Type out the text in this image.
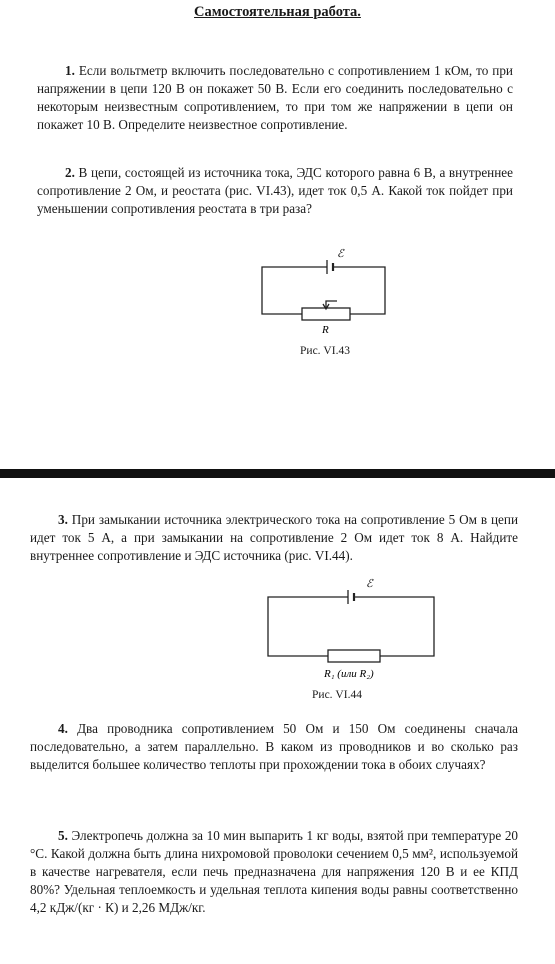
Самостоятельная работа.

1. Если вольтметр включить последовательно с сопротивлением 1 кОм, то при напряжении в цепи 120 В он покажет 50 В. Если его соединить последовательно с некоторым неизвестным сопротивлением, то при том же напряжении в цепи он покажет 10 В. Определите неизвестное сопротивление.

2. В цепи, состоящей из источника тока, ЭДС которого равна 6 В, а внутреннее сопротивление 2 Ом, и реостата (рис. VI.43), идет ток 0,5 А. Какой ток пойдет при уменьшении сопротивления реостата в три раза?

ℰ
R
Рис. VI.43

3. При замыкании источника электрического тока на сопротивление 5 Ом в цепи идет ток 5 А, а при замыкании на сопротивление 2 Ом идет ток 8 А. Найдите внутреннее сопротивление и ЭДС источника (рис. VI.44).

ℰ
R₁ (или R₂)
Рис. VI.44

4. Два проводника сопротивлением 50 Ом и 150 Ом соединены сначала последовательно, а затем параллельно. В каком из проводников и во сколько раз выделится большее количество теплоты при прохождении тока в обоих случаях?

5. Электропечь должна за 10 мин выпарить 1 кг воды, взятой при температуре 20 °С. Какой должна быть длина нихромовой проволоки сечением 0,5 мм², используемой в качестве нагревателя, если печь предназначена для напряжения 120 В и ее КПД 80%? Удельная теплоемкость и удельная теплота кипения воды равны соответственно 4,2 кДж/(кг · К) и 2,26 МДж/кг.
